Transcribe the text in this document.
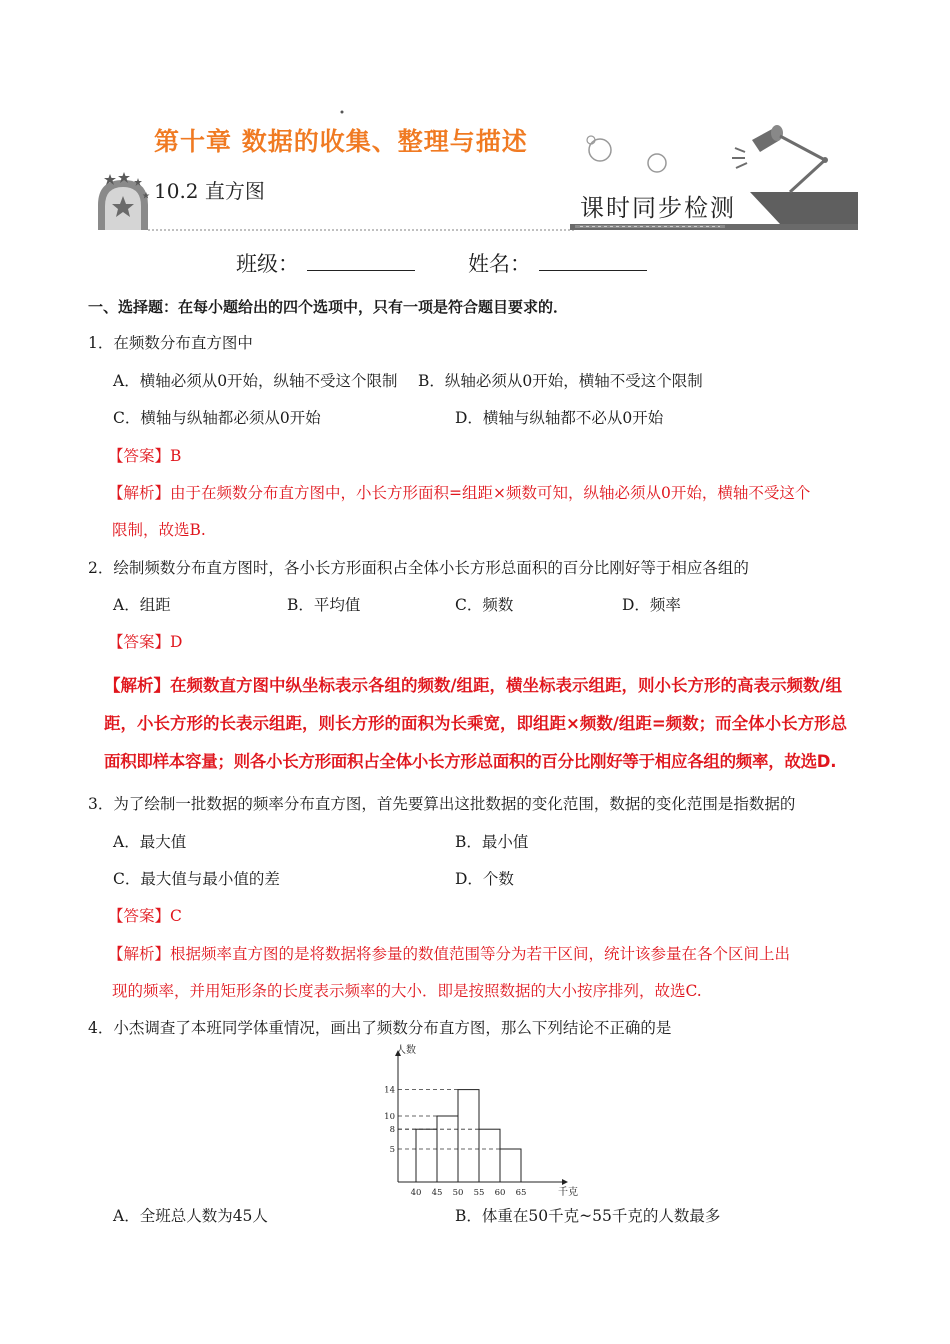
第十章 数据的收集、整理与描述
10.2 直方图
课时同步检测
班级：	姓名：
一、选择题：在每小题给出的四个选项中，只有一项是符合题目要求的．
1．在频数分布直方图中
A．横轴必须从0开始，纵轴不受这个限制 B．纵轴必须从0开始，横轴不受这个限制
C．横轴与纵轴都必须从0开始	D．横轴与纵轴都不必从0开始
【答案】B
【解析】由于在频数分布直方图中，小长方形面积=组距×频数可知，纵轴必须从0开始，横轴不受这个
限制，故选B.
2．绘制频数分布直方图时，各小长方形面积占全体小长方形总面积的百分比刚好等于相应各组的
A．组距	B．平均值	C．频数	D．频率
【答案】D
【解析】在频数直方图中纵坐标表示各组的频数/组距，横坐标表示组距，则小长方形的高表示频数/组
距，小长方形的长表示组距，则长方形的面积为长乘宽，即组距×频数/组距=频数；而全体小长方形总
面积即样本容量；则各小长方形面积占全体小长方形总面积的百分比刚好等于相应各组的频率，故选D.
3．为了绘制一批数据的频率分布直方图，首先要算出这批数据的变化范围，数据的变化范围是指数据的
A．最大值	B．最小值
C．最大值与最小值的差	D．个数
【答案】C
【解析】根据频率直方图的是将数据将参量的数值范围等分为若干区间，统计该参量在各个区间上出
现的频率，并用矩形条的长度表示频率的大小．即是按照数据的大小按序排列，故选C.
4．小杰调查了本班同学体重情况，画出了频数分布直方图，那么下列结论不正确的是
5
8
10
14
40 45 50 55 60 65
人数
千克
A．全班总人数为45人	B．体重在50千克~55千克的人数最多
